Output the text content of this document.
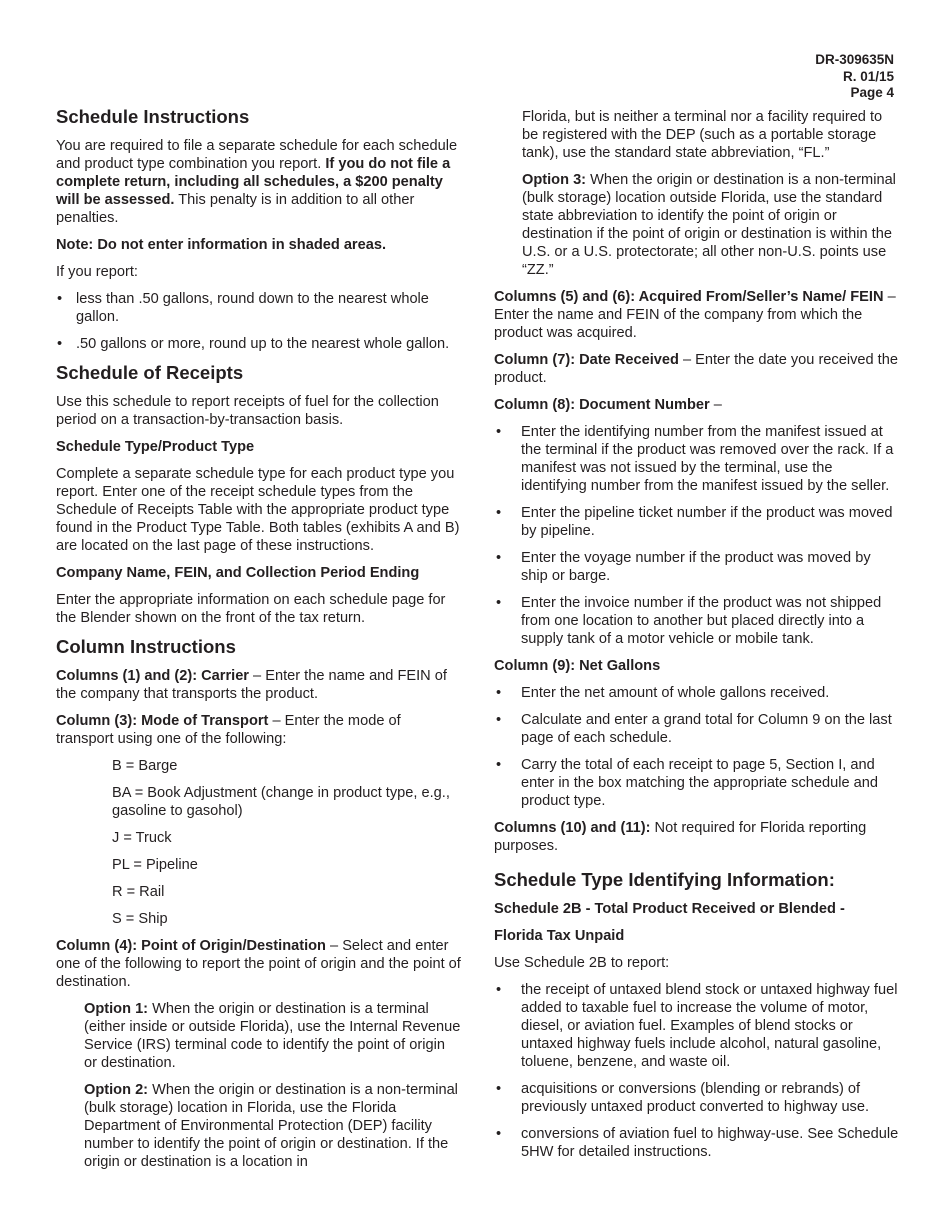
DR-309635N
R. 01/15
Page 4
Schedule Instructions

You are required to file a separate schedule for each schedule and product type combination you report. If you do not file a complete return, including all schedules, a $200 penalty will be assessed. This penalty is in addition to all other penalties.

Note: Do not enter information in shaded areas.

If you report:

• less than .50 gallons, round down to the nearest whole gallon.
• .50 gallons or more, round up to the nearest whole gallon.
Schedule of Receipts

Use this schedule to report receipts of fuel for the collection period on a transaction-by-transaction basis.

Schedule Type/Product Type

Complete a separate schedule type for each product type you report. Enter one of the receipt schedule types from the Schedule of Receipts Table with the appropriate product type found in the Product Type Table. Both tables (exhibits A and B) are located on the last page of these instructions.

Company Name, FEIN, and Collection Period Ending

Enter the appropriate information on each schedule page for the Blender shown on the front of the tax return.

Column Instructions

Columns (1) and (2): Carrier – Enter the name and FEIN of the company that transports the product.

Column (3): Mode of Transport – Enter the mode of transport using one of the following:

B = Barge

BA = Book Adjustment (change in product type, e.g., gasoline to gasohol)

J = Truck

PL = Pipeline

R = Rail

S = Ship

Column (4): Point of Origin/Destination – Select and enter one of the following to report the point of origin and the point of destination.

Option 1: When the origin or destination is a terminal (either inside or outside Florida), use the Internal Revenue Service (IRS) terminal code to identify the point of origin or destination.

Option 2: When the origin or destination is a non-terminal (bulk storage) location in Florida, use the Florida Department of Environmental Protection (DEP) facility number to identify the point of origin or destination. If the origin or destination is a location in

Florida, but is neither a terminal nor a facility required to be registered with the DEP (such as a portable storage tank), use the standard state abbreviation, “FL.”

Option 3: When the origin or destination is a non-terminal (bulk storage) location outside Florida, use the standard state abbreviation to identify the point of origin or destination if the point of origin or destination is within the U.S. or a U.S. protectorate; all other non-U.S. points use “ZZ.”

Columns (5) and (6): Acquired From/Seller’s Name/ FEIN – Enter the name and FEIN of the company from which the product was acquired.

Column (7): Date Received – Enter the date you received the product.

Column (8): Document Number –

• Enter the identifying number from the manifest issued at the terminal if the product was removed over the rack. If a manifest was not issued by the terminal, use the identifying number from the manifest issued by the seller.
• Enter the pipeline ticket number if the product was moved by pipeline.
• Enter the voyage number if the product was moved by ship or barge.
• Enter the invoice number if the product was not shipped from one location to another but placed directly into a supply tank of a motor vehicle or mobile tank.
Column (9): Net Gallons
• Enter the net amount of whole gallons received.
• Calculate and enter a grand total for Column 9 on the last page of each schedule.
• Carry the total of each receipt to page 5, Section I, and enter in the box matching the appropriate schedule and product type.

Columns (10) and (11): Not required for Florida reporting purposes.

Schedule Type Identifying Information:
Schedule 2B - Total Product Received or Blended -
Florida Tax Unpaid

Use Schedule 2B to report:

• the receipt of untaxed blend stock or untaxed highway fuel added to taxable fuel to increase the volume of motor, diesel, or aviation fuel. Examples of blend stocks or untaxed highway fuels include alcohol, natural gasoline, toluene, benzene, and waste oil.
• acquisitions or conversions (blending or rebrands) of previously untaxed product converted to highway use.
• conversions of aviation fuel to highway-use. See Schedule 5HW for detailed instructions.
